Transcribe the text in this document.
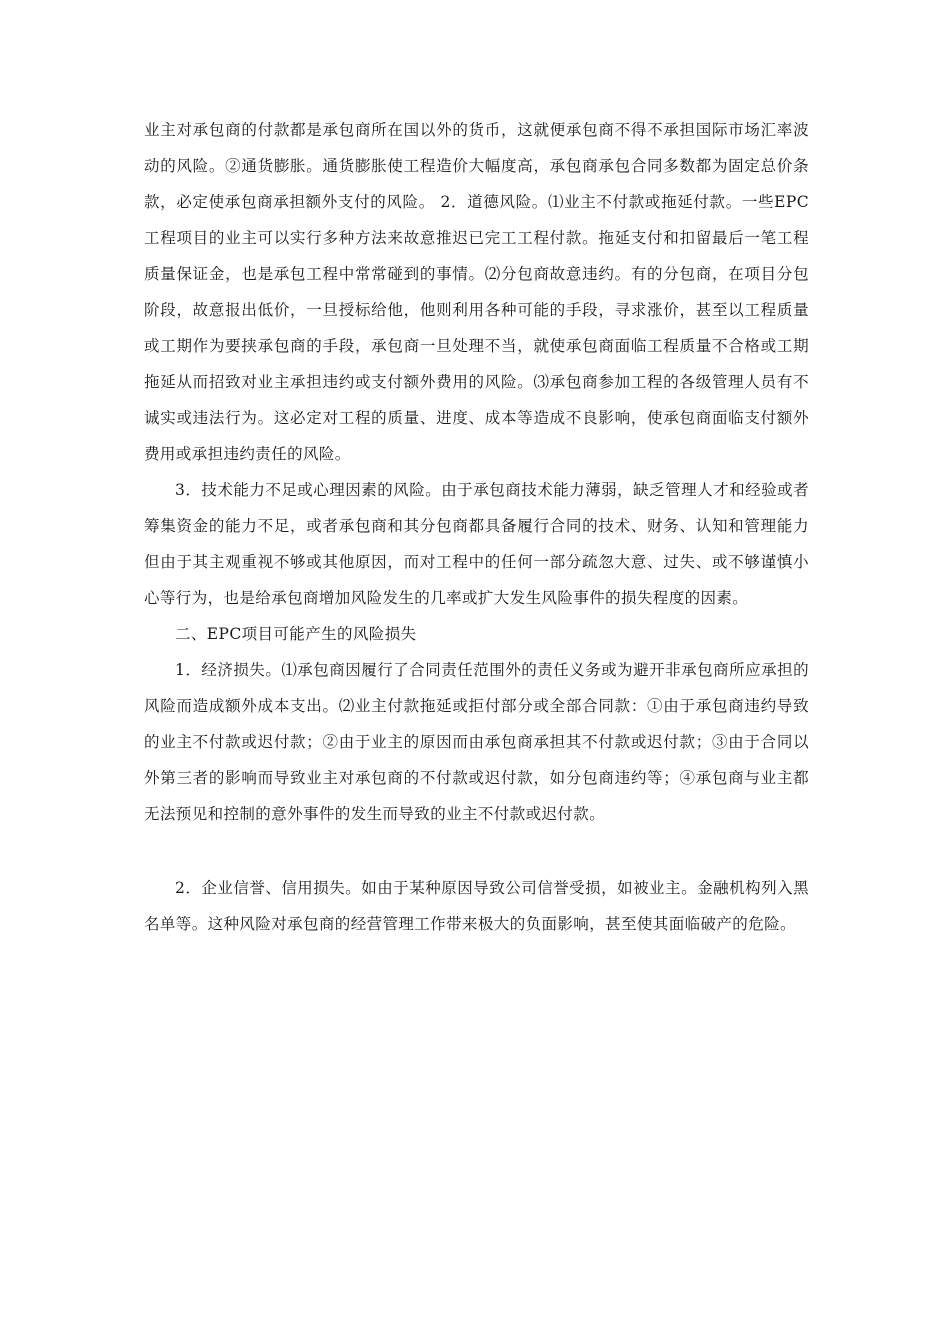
业主对承包商的付款都是承包商所在国以外的货币，这就便承包商不得不承担国际市场汇率波动的风险。②通货膨胀。通货膨胀使工程造价大幅度高，承包商承包合同多数都为固定总价条款，必定使承包商承担额外支付的风险。 2．道德风险。⑴业主不付款或拖延付款。一些EPC工程项目的业主可以实行多种方法来故意推迟已完工工程付款。拖延支付和扣留最后一笔工程质量保证金，也是承包工程中常常碰到的事情。⑵分包商故意违约。有的分包商，在项目分包阶段，故意报出低价，一旦授标给他，他则利用各种可能的手段，寻求涨价，甚至以工程质量或工期作为要挟承包商的手段，承包商一旦处理不当，就使承包商面临工程质量不合格或工期拖延从而招致对业主承担违约或支付额外费用的风险。⑶承包商参加工程的各级管理人员有不诚实或违法行为。这必定对工程的质量、进度、成本等造成不良影响，使承包商面临支付额外费用或承担违约责任的风险。

3．技术能力不足或心理因素的风险。由于承包商技术能力薄弱，缺乏管理人才和经验或者筹集资金的能力不足，或者承包商和其分包商都具备履行合同的技术、财务、认知和管理能力但由于其主观重视不够或其他原因，而对工程中的任何一部分疏忽大意、过失、或不够谨慎小心等行为，也是给承包商增加风险发生的几率或扩大发生风险事件的损失程度的因素。

二、EPC项目可能产生的风险损失

1．经济损失。⑴承包商因履行了合同责任范围外的责任义务或为避开非承包商所应承担的风险而造成额外成本支出。⑵业主付款拖延或拒付部分或全部合同款：①由于承包商违约导致的业主不付款或迟付款；②由于业主的原因而由承包商承担其不付款或迟付款；③由于合同以外第三者的影响而导致业主对承包商的不付款或迟付款，如分包商违约等；④承包商与业主都无法预见和控制的意外事件的发生而导致的业主不付款或迟付款。

2．企业信誉、信用损失。如由于某种原因导致公司信誉受损，如被业主。金融机构列入黑名单等。这种风险对承包商的经营管理工作带来极大的负面影响，甚至使其面临破产的危险。
